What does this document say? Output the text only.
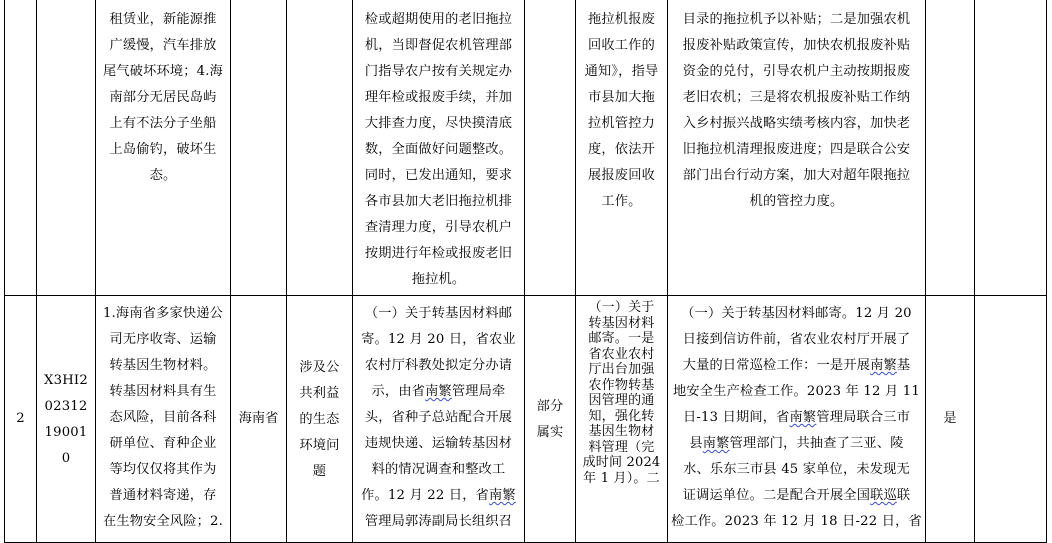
租赁业，新能源推
广缓慢，汽车排放
尾气破坏环境；4.海
南部分无居民岛屿
上有不法分子坐船
上岛偷钓，破坏生
态。
检或超期使用的老旧拖拉
机，当即督促农机管理部
门指导农户按有关规定办
理年检或报废手续，并加
大排查力度，尽快摸清底
数，全面做好问题整改。
同时，已发出通知，要求
各市县加大老旧拖拉机排
查清理力度，引导农机户
按期进行年检或报废老旧
拖拉机。
拖拉机报废
回收工作的
通知》，指导
市县加大拖
拉机管控力
度，依法开
展报废回收
工作。
目录的拖拉机予以补贴；二是加强农机
报废补贴政策宣传，加快农机报废补贴
资金的兑付，引导农机户主动按期报废
老旧农机；三是将农机报废补贴工作纳
入乡村振兴战略实绩考核内容，加快老
旧拖拉机清理报废进度；四是联合公安
部门出台行动方案，加大对超年限拖拉
机的管控力度。
2
X3HI2
02312
19001
0
1.海南省多家快递公
司无序收寄、运输
转基因生物材料。
转基因材料具有生
态风险，目前各科
研单位、育种企业
等均仅仅将其作为
普通材料寄递，存
在生物安全风险；2.
海南省
涉及公
共利益
的生态
环境问
题
（一）关于转基因材料邮
寄。12 月 20 日，省农业
农村厅科教处拟定分办请
示，由省南繁管理局牵
头，省种子总站配合开展
违规快递、运输转基因材
料的情况调查和整改工
作。12 月 22 日，省南繁
管理局郭涛副局长组织召
部分
属实
（一）关于
转基因材料
邮寄。一是
省农业农村
厅出台加强
农作物转基
因管理的通
知，强化转
基因生物材
料管理（完
成时间 2024
年 1 月）。二
（一）关于转基因材料邮寄。12 月 20
日接到信访件前，省农业农村厅开展了
大量的日常巡检工作：一是开展南繁基
地安全生产检查工作。2023 年 12 月 11
日-13 日期间，省南繁管理局联合三市
县南繁管理部门，共抽查了三亚、陵
水、乐东三市县 45 家单位，未发现无
证调运单位。二是配合开展全国联巡联
检工作。2023 年 12 月 18 日-22 日，省
是
